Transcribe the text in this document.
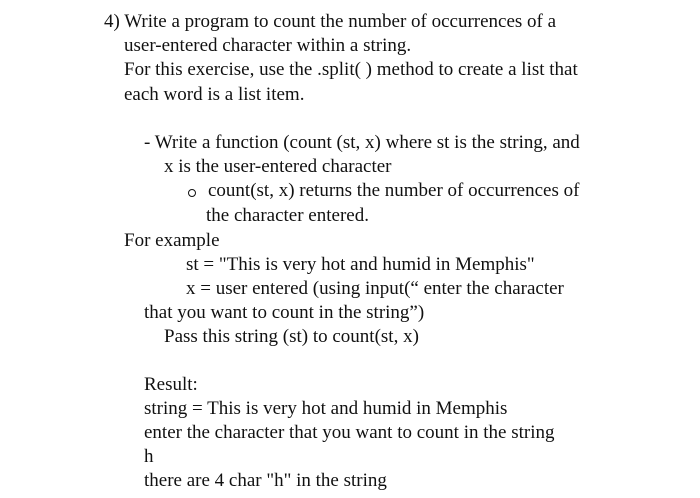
4) Write a program to count the number of occurrences of a
user-entered character within a string.
For this exercise, use the .split( ) method to create a list that
each word is a list item.
- Write a function (count (st, x) where st is the string, and
x is the user-entered character
count(st, x) returns the number of occurrences of
the character entered.
For example
st = "This is very hot and humid in Memphis"
x = user entered (using input(“ enter the character
that you want to count in the string”)
Pass this string (st) to count(st, x)
Result:
string = This is very hot and humid in Memphis
enter the character that you want to count in the string
h
there are 4 char "h" in the string
